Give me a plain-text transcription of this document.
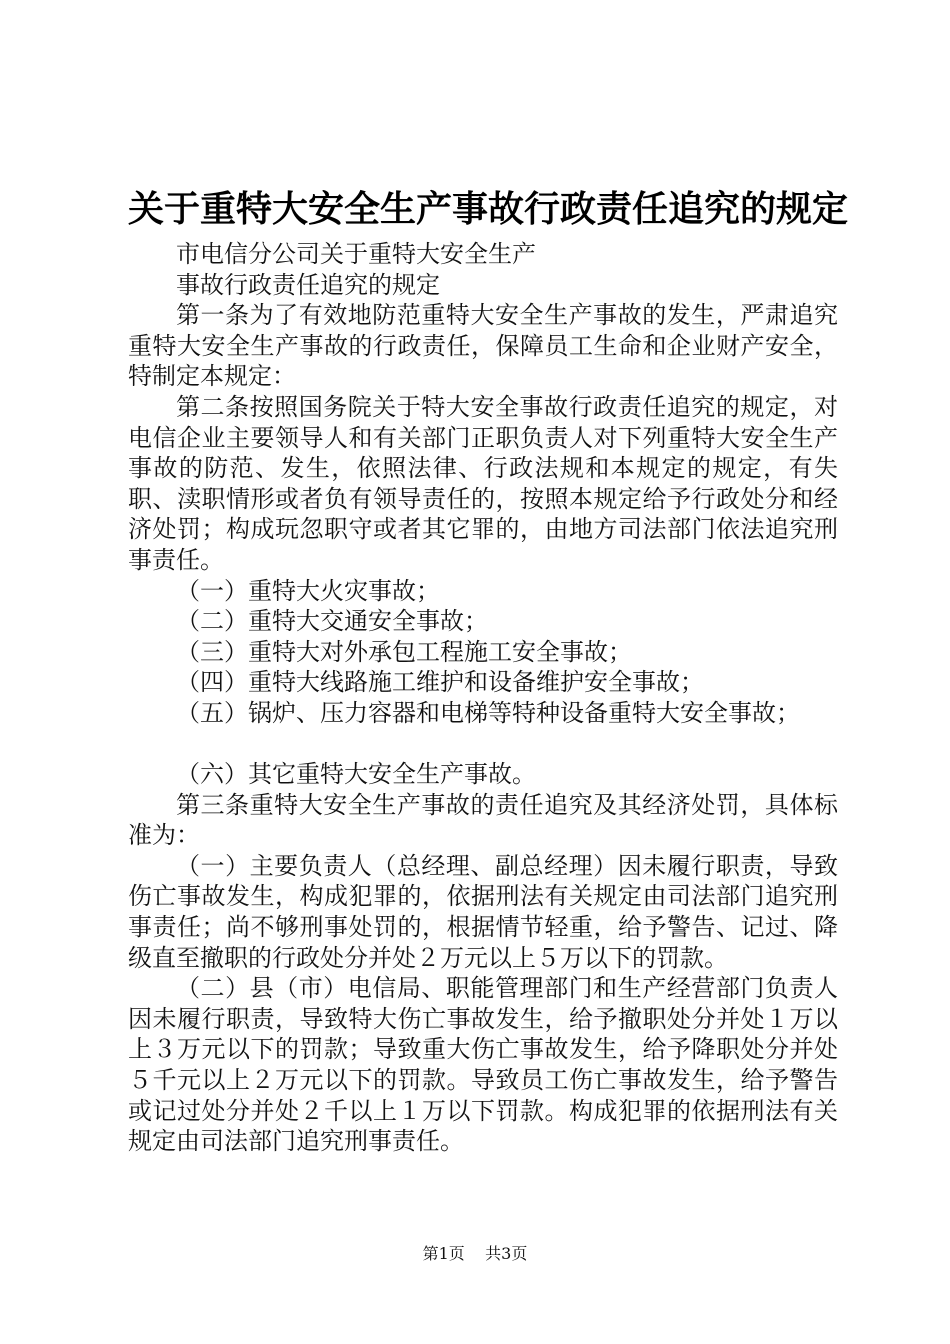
关于重特大安全生产事故行政责任追究的规定

市电信分公司关于重特大安全生产

事故行政责任追究的规定

第一条为了有效地防范重特大安全生产事故的发生，严肃追究重特大安全生产事故的行政责任，保障员工生命和企业财产安全，特制定本规定：

第二条按照国务院关于特大安全事故行政责任追究的规定，对电信企业主要领导人和有关部门正职负责人对下列重特大安全生产事故的防范、发生，依照法律、行政法规和本规定的规定，有失职、渎职情形或者负有领导责任的，按照本规定给予行政处分和经济处罚；构成玩忽职守或者其它罪的，由地方司法部门依法追究刑事责任。

（一）重特大火灾事故；

（二）重特大交通安全事故；

（三）重特大对外承包工程施工安全事故；

（四）重特大线路施工维护和设备维护安全事故；

（五）锅炉、压力容器和电梯等特种设备重特大安全事故；

（六）其它重特大安全生产事故。

第三条重特大安全生产事故的责任追究及其经济处罚，具体标准为：

（一）主要负责人（总经理、副总经理）因未履行职责，导致伤亡事故发生，构成犯罪的，依据刑法有关规定由司法部门追究刑事责任；尚不够刑事处罚的，根据情节轻重，给予警告、记过、降级直至撤职的行政处分并处２万元以上５万以下的罚款。

（二）县（市）电信局、职能管理部门和生产经营部门负责人因未履行职责，导致特大伤亡事故发生，给予撤职处分并处１万以上３万元以下的罚款；导致重大伤亡事故发生，给予降职处分并处５千元以上２万元以下的罚款。导致员工伤亡事故发生，给予警告或记过处分并处２千以上１万以下罚款。构成犯罪的依据刑法有关规定由司法部门追究刑事责任。

第1页 共3页
